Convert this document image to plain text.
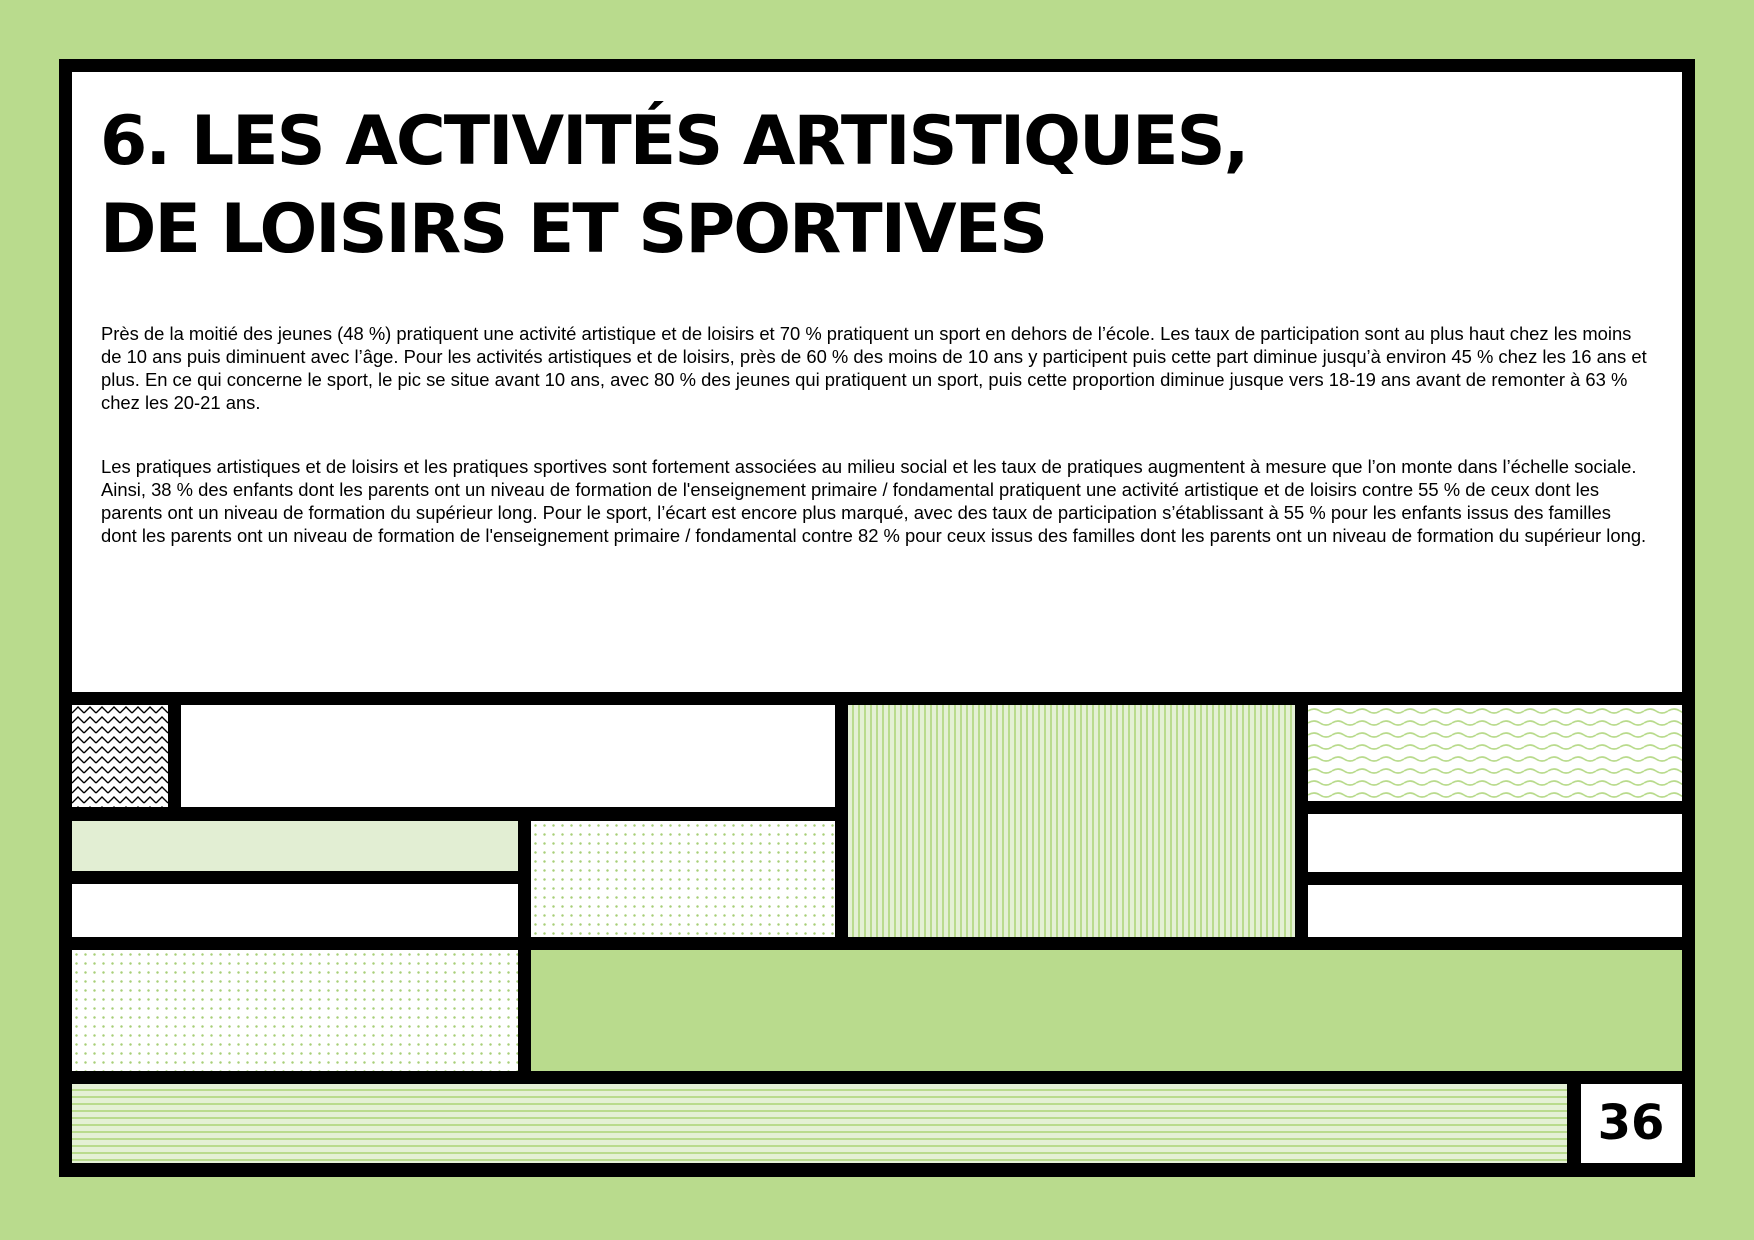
6. LES ACTIVITÉS ARTISTIQUES,
DE LOISIRS ET SPORTIVES

Près de la moitié des jeunes (48 %) pratiquent une activité artistique et de loisirs et 70 % pratiquent un sport en dehors de l’école. Les taux de participation sont au plus haut chez les moins de 10 ans puis diminuent avec l’âge. Pour les activités artistiques et de loisirs, près de 60 % des moins de 10 ans y participent puis cette part diminue jusqu’à environ 45 % chez les 16 ans et plus. En ce qui concerne le sport, le pic se situe avant 10 ans, avec 80 % des jeunes qui pratiquent un sport, puis cette proportion diminue jusque vers 18-19 ans avant de remonter à 63 % chez les 20-21 ans.

Les pratiques artistiques et de loisirs et les pratiques sportives sont fortement associées au milieu social et les taux de pratiques augmentent à mesure que l’on monte dans l’échelle sociale. Ainsi, 38 % des enfants dont les parents ont un niveau de formation de l'enseignement primaire / fondamental pratiquent une activité artistique et de loisirs contre 55 % de ceux dont les parents ont un niveau de formation du supérieur long. Pour le sport, l’écart est encore plus marqué, avec des taux de participation s’établissant à 55 % pour les enfants issus des familles dont les parents ont un niveau de formation de l'enseignement primaire / fondamental contre 82 % pour ceux issus des familles dont les parents ont un niveau de formation du supérieur long.

36
